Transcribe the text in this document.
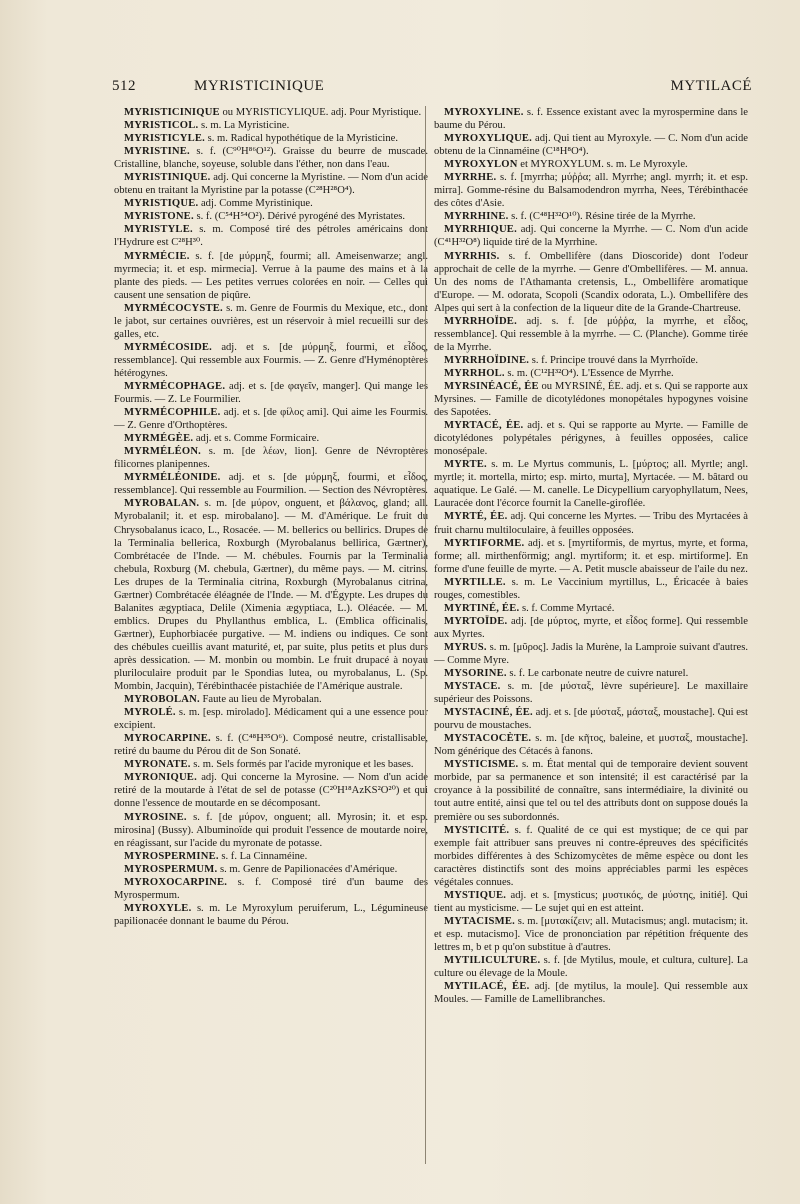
512	MYRISTICINIQUE	MYTILACÉ

MYRISTICINIQUE ou MYRISTICYLIQUE. adj. Pour Myristique.

MYRISTICOL. s. m. La Myristicine.

MYRISTICYLE. s. m. Radical hypothétique de la Myristicine.

MYRISTINE. s. f. (C⁹⁰H⁸⁶O¹²). Graisse du beurre de muscade. Cristalline, blanche, soyeuse, soluble dans l'éther, non dans l'eau.

MYRISTINIQUE. adj. Qui concerne la Myristine. — Nom d'un acide obtenu en traitant la Myristine par la potasse (C²⁸H²⁸O⁴).

MYRISTIQUE. adj. Comme Myristinique.

MYRISTONE. s. f. (C⁵⁴H⁵⁴O²). Dérivé pyrogéné des Myristates.

MYRISTYLE. s. m. Composé tiré des pétroles américains dont l'Hydrure est C²⁸H³⁰.

MYRMÉCIE. s. f. [de μύρμηξ, fourmi; all. Ameisenwarze; angl. myrmecia; it. et esp. mirmecia]. Verrue à la paume des mains et à la plante des pieds. — Les petites verrues colorées en noir. — Celles qui causent une sensation de piqûre.

MYRMÉCOCYSTE. s. m. Genre de Fourmis du Mexique, etc., dont le jabot, sur certaines ouvrières, est un réservoir à miel recueilli sur des galles, etc.

MYRMÉCOSIDE. adj. et s. [de μύρμηξ, fourmi, et εἶδος, ressemblance]. Qui ressemble aux Fourmis. — Z. Genre d'Hyménoptères hétérogynes.

MYRMÉCOPHAGE. adj. et s. [de φαγεῖν, manger]. Qui mange les Fourmis. — Z. Le Fourmilier.

MYRMÉCOPHILE. adj. et s. [de φίλος ami]. Qui aime les Fourmis. — Z. Genre d'Orthoptères.

MYRMÉGÈE. adj. et s. Comme Formicaire.

MYRMÉLÉON. s. m. [de λέων, lion]. Genre de Névroptères filicornes planipennes.

MYRMÉLÉONIDE. adj. et s. [de μύρμηξ, fourmi, et εἶδος, ressemblance]. Qui ressemble au Fourmilion. — Section des Névroptères.

MYROBALAN. s. m. [de μύρον, onguent, et βάλανος, gland; all. Myrobalanil; it. et esp. mirobalano]. — M. d'Amérique. Le fruit du Chrysobalanus icaco, L., Rosacée. — M. bellerics ou bellirics. Drupes de la Terminalia bellerica, Roxburgh (Myrobalanus bellirica, Gærtner), Combrétacée de l'Inde. — M. chébules. Fournis par la Terminalia chebula, Roxburg (M. chebula, Gærtner), du même pays. — M. citrins. Les drupes de la Terminalia citrina, Roxburgh (Myrobalanus citrina, Gærtner) Combrétacée éléagnée de l'Inde. — M. d'Égypte. Les drupes du Balanites ægyptiaca, Delile (Ximenia ægyptiaca, L.). Oléacée. — M. emblics. Drupes du Phyllanthus emblica, L. (Emblica officinalis, Gærtner), Euphorbiacée purgative. — M. indiens ou indiques. Ce sont des chébules cueillis avant maturité, et, par suite, plus petits et plus durs après dessication. — M. monbin ou mombin. Le fruit drupacé à noyau pluriloculaire produit par le Spondias lutea, ou myrobalanus, L. (Sp. Mombin, Jacquin), Térébinthacée pistachiée de l'Amérique australe.

MYROBOLAN. Faute au lieu de Myrobalan.

MYROLÉ. s. m. [esp. mirolado]. Médicament qui a une essence pour excipient.

MYROCARPINE. s. f. (C⁴⁸H³⁵O⁶). Composé neutre, cristallisable, retiré du baume du Pérou dit de Son Sonaté.

MYRONATE. s. m. Sels formés par l'acide myronique et les bases.

MYRONIQUE. adj. Qui concerne la Myrosine. — Nom d'un acide retiré de la moutarde à l'état de sel de potasse (C²⁰H¹⁸AzKS²O²⁰) et qui donne l'essence de moutarde en se décomposant.

MYROSINE. s. f. [de μύρον, onguent; all. Myrosin; it. et esp. mirosina] (Bussy). Albuminoïde qui produit l'essence de moutarde noire, en réagissant, sur l'acide du myronate de potasse.

MYROSPERMINE. s. f. La Cinnaméine.

MYROSPERMUM. s. m. Genre de Papilionacées d'Amérique.

MYROXOCARPINE. s. f. Composé tiré d'un baume des Myrospermum.

MYROXYLE. s. m. Le Myroxylum peruiferum, L., Légumineuse papilionacée donnant le baume du Pérou.

MYROXYLINE. s. f. Essence existant avec la myrospermine dans le baume du Pérou.

MYROXYLIQUE. adj. Qui tient au Myroxyle. — C. Nom d'un acide obtenu de la Cinnaméine (C¹⁸H⁸O⁴).

MYROXYLON et MYROXYLUM. s. m. Le Myroxyle.

MYRRHE. s. f. [myrrha; μύῤῥα; all. Myrrhe; angl. myrrh; it. et esp. mirra]. Gomme-résine du Balsamodendron myrrha, Nees, Térébinthacée des côtes d'Asie.

MYRRHINE. s. f. (C⁴⁸H³²O¹⁰). Résine tirée de la Myrrhe.

MYRRHIQUE. adj. Qui concerne la Myrrhe. — C. Nom d'un acide (C⁴¹H³²O⁸) liquide tiré de la Myrrhine.

MYRRHIS. s. f. Ombellifère (dans Dioscoride) dont l'odeur approchait de celle de la myrrhe. — Genre d'Ombellifères. — M. annua. Un des noms de l'Athamanta cretensis, L., Ombellifère aromatique d'Europe. — M. odorata, Scopoli (Scandix odorata, L.). Ombellifère des Alpes qui sert à la confection de la liqueur dite de la Grande-Chartreuse.

MYRRHOÏDE. adj. s. f. [de μύῤῥα, la myrrhe, et εἶδος, ressemblance]. Qui ressemble à la myrrhe. — C. (Planche). Gomme tirée de la Myrrhe.

MYRRHOÏDINE. s. f. Principe trouvé dans la Myrrhoïde.

MYRRHOL. s. m. (C¹²H³²O⁴). L'Essence de Myrrhe.

MYRSINÉACÉ, ÉE ou MYRSINÉ, ÉE. adj. et s. Qui se rapporte aux Myrsines. — Famille de dicotylédones monopétales hypogynes voisine des Sapotées.

MYRTACÉ, ÉE. adj. et s. Qui se rapporte au Myrte. — Famille de dicotylédones polypétales périgynes, à feuilles opposées, calice monosépale.

MYRTE. s. m. Le Myrtus communis, L. [μύρτος; all. Myrtle; angl. myrtle; it. mortella, mirto; esp. mirto, murta], Myrtacée. — M. bâtard ou aquatique. Le Galé. — M. canelle. Le Dicypellium caryophyllatum, Nees, Lauracée dont l'écorce fournit la Canelle-giroflée.

MYRTÉ, ÉE. adj. Qui concerne les Myrtes. — Tribu des Myrtacées à fruit charnu multiloculaire, à feuilles opposées.

MYRTIFORME. adj. et s. [myrtiformis, de myrtus, myrte, et forma, forme; all. mirthenförmig; angl. myrtiform; it. et esp. mirtiforme]. En forme d'une feuille de myrte. — A. Petit muscle abaisseur de l'aile du nez.

MYRTILLE. s. m. Le Vaccinium myrtillus, L., Éricacée à baies rouges, comestibles.

MYRTINÉ, ÉE. s. f. Comme Myrtacé.

MYRTOÏDE. adj. [de μύρτος, myrte, et εἶδος forme]. Qui ressemble aux Myrtes.

MYRUS. s. m. [μῦρος]. Jadis la Murène, la Lamproie suivant d'autres. — Comme Myre.

MYSORINE. s. f. Le carbonate neutre de cuivre naturel.

MYSTACE. s. m. [de μύσταξ, lèvre supérieure]. Le maxillaire supérieur des Poissons.

MYSTACINÉ, ÉE. adj. et s. [de μύσταξ, μάσταξ, moustache]. Qui est pourvu de moustaches.

MYSTACOCÈTE. s. m. [de κῆτος, baleine, et μυσταξ, moustache]. Nom générique des Cétacés à fanons.

MYSTICISME. s. m. État mental qui de temporaire devient souvent morbide, par sa permanence et son intensité; il est caractérisé par la croyance à la possibilité de connaître, sans intermédiaire, la divinité ou tout autre entité, ainsi que tel ou tel des attributs dont on suppose doués la première ou ses subordonnés.

MYSTICITÉ. s. f. Qualité de ce qui est mystique; de ce qui par exemple fait attribuer sans preuves ni contre-épreuves des spécificités morbides différentes à des Schizomycètes de même espèce ou dont les caractères distinctifs sont des moins appréciables parmi les espèces végétales connues.

MYSTIQUE. adj. et s. [mysticus; μυστικός, de μύστης, initié]. Qui tient au mysticisme. — Le sujet qui en est atteint.

MYTACISME. s. m. [μυτακίζειν; all. Mutacismus; angl. mutacism; it. et esp. mutacismo]. Vice de prononciation par répétition fréquente des lettres m, b et p qu'on substitue à d'autres.

MYTILICULTURE. s. f. [de Mytilus, moule, et cultura, culture]. La culture ou élevage de la Moule.

MYTILACÉ, ÉE. adj. [de mytilus, la moule]. Qui ressemble aux Moules. — Famille de Lamellibranches.
